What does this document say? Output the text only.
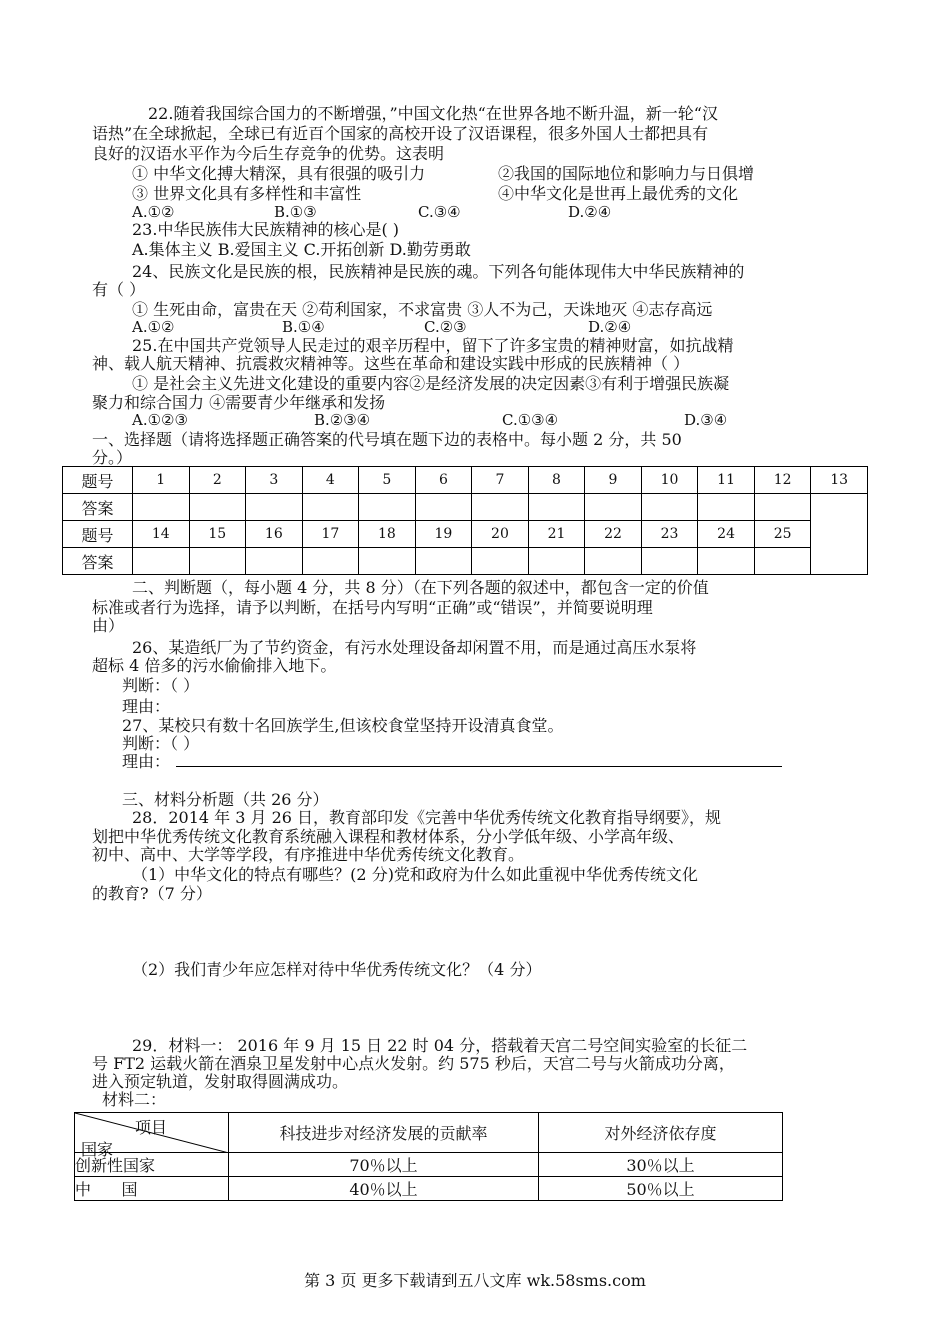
22.随着我国综合国力的不断增强，”中国文化热“在世界各地不断升温，新一轮“汉
语热”在全球掀起，全球已有近百个国家的高校开设了汉语课程，很多外国人士都把具有
良好的汉语水平作为今后生存竞争的优势。这表明
① 中华文化搏大精深，具有很强的吸引力	②我国的国际地位和影响力与日俱增
③ 世界文化具有多样性和丰富性	④中华文化是世再上最优秀的文化
A.①②	B.①③	C.③④	D.②④
23.中华民族伟大民族精神的核心是( )
A.集体主义 B.爱国主义 C.开拓创新 D.勤劳勇敢
24、民族文化是民族的根，民族精神是民族的魂。下列各句能体现伟大中华民族精神的
有（ ）
① 生死由命，富贵在天 ②苟利国家，不求富贵 ③人不为己，天诛地灭 ④志存高远
A.①②	B.①④	C.②③	D.②④
25.在中国共产党领导人民走过的艰辛历程中，留下了许多宝贵的精神财富，如抗战精
神、载人航天精神、抗震救灾精神等。这些在革命和建设实践中形成的民族精神（ ）
① 是社会主义先进文化建设的重要内容②是经济发展的决定因素③有利于增强民族凝
聚力和综合国力 ④需要青少年继承和发扬
A.①②③	B.②③④	C.①③④	D.③④
一、选择题（请将选择题正确答案的代号填在题下边的表格中。每小题 2 分，共 50
分。）
题号	1	2	3	4	5	6	7	8	9	10	11	12	13
答案													
题号	14	15	16	17	18	19	20	21	22	23	24	25	
答案													
二、判断题（，每小题 4 分，共 8 分）（在下列各题的叙述中，都包含一定的价值
标准或者行为选择，请予以判断，在括号内写明“正确”或“错误”，并简要说明理
由）
26、某造纸厂为了节约资金，有污水处理设备却闲置不用，而是通过高压水泵将
超标 4 倍多的污水偷偷排入地下。
判断：（ ）
理由：
27、某校只有数十名回族学生,但该校食堂坚持开设清真食堂。
判断：（ ）
理由：
三、材料分析题（共 26 分）
28．2014 年 3 月 26 日，教育部印发《完善中华优秀传统文化教育指导纲要》，规
划把中华优秀传统文化教育系统融入课程和教材体系，分小学低年级、小学高年级、
初中、高中、大学等学段，有序推进中华优秀传统文化教育。
（1）中华文化的特点有哪些？(2 分)党和政府为什么如此重视中华优秀传统文化
的教育?（7 分）
（2）我们青少年应怎样对待中华优秀传统文化？（4 分）
29．材料一： 2016 年 9 月 15 日 22 时 04 分，搭载着天宫二号空间实验室的长征二
号 FT2 运载火箭在酒泉卫星发射中心点火发射。约 575 秒后，天宫二号与火箭成功分离，
进入预定轨道，发射取得圆满成功。
材料二：
项目
国家	科技进步对经济发展的贡献率	对外经济依存度
创新性国家	70％以上	30％以上
中      国	40％以上	50％以上
第 3 页 更多下载请到五八文库 wk.58sms.com
